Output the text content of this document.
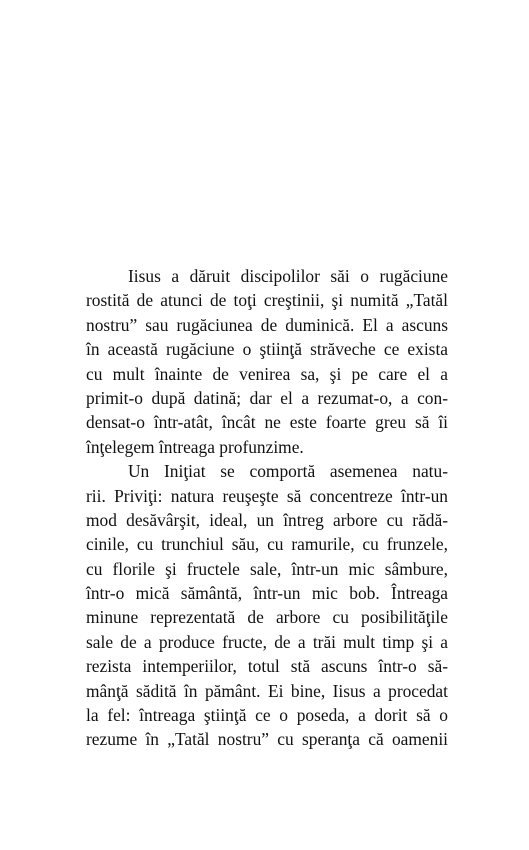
Iisus a dăruit discipolilor săi o rugăciune
rostită de atunci de toţi creştinii, şi numită „Tatăl
nostru” sau rugăciunea de duminică. El a ascuns
în această rugăciune o ştiinţă străveche ce exista
cu mult înainte de venirea sa, şi pe care el a
primit-o după datină; dar el a rezumat-o, a con-
densat-o într-atât, încât ne este foarte greu să îi
înţelegem întreaga profunzime.
Un Iniţiat se comportă asemenea natu-
rii. Priviţi: natura reuşeşte să concentreze într-un
mod desăvârşit, ideal, un întreg arbore cu rădă-
cinile, cu trunchiul său, cu ramurile, cu frunzele,
cu florile şi fructele sale, într-un mic sâmbure,
într-o mică sământă, într-un mic bob. Întreaga
minune reprezentată de arbore cu posibilităţile
sale de a produce fructe, de a trăi mult timp şi a
rezista intemperiilor, totul stă ascuns într-o să-
mânţă sădită în pământ. Ei bine, Iisus a procedat
la fel: întreaga ştiinţă ce o poseda, a dorit să o
rezume în „Tatăl nostru” cu speranţa că oamenii
